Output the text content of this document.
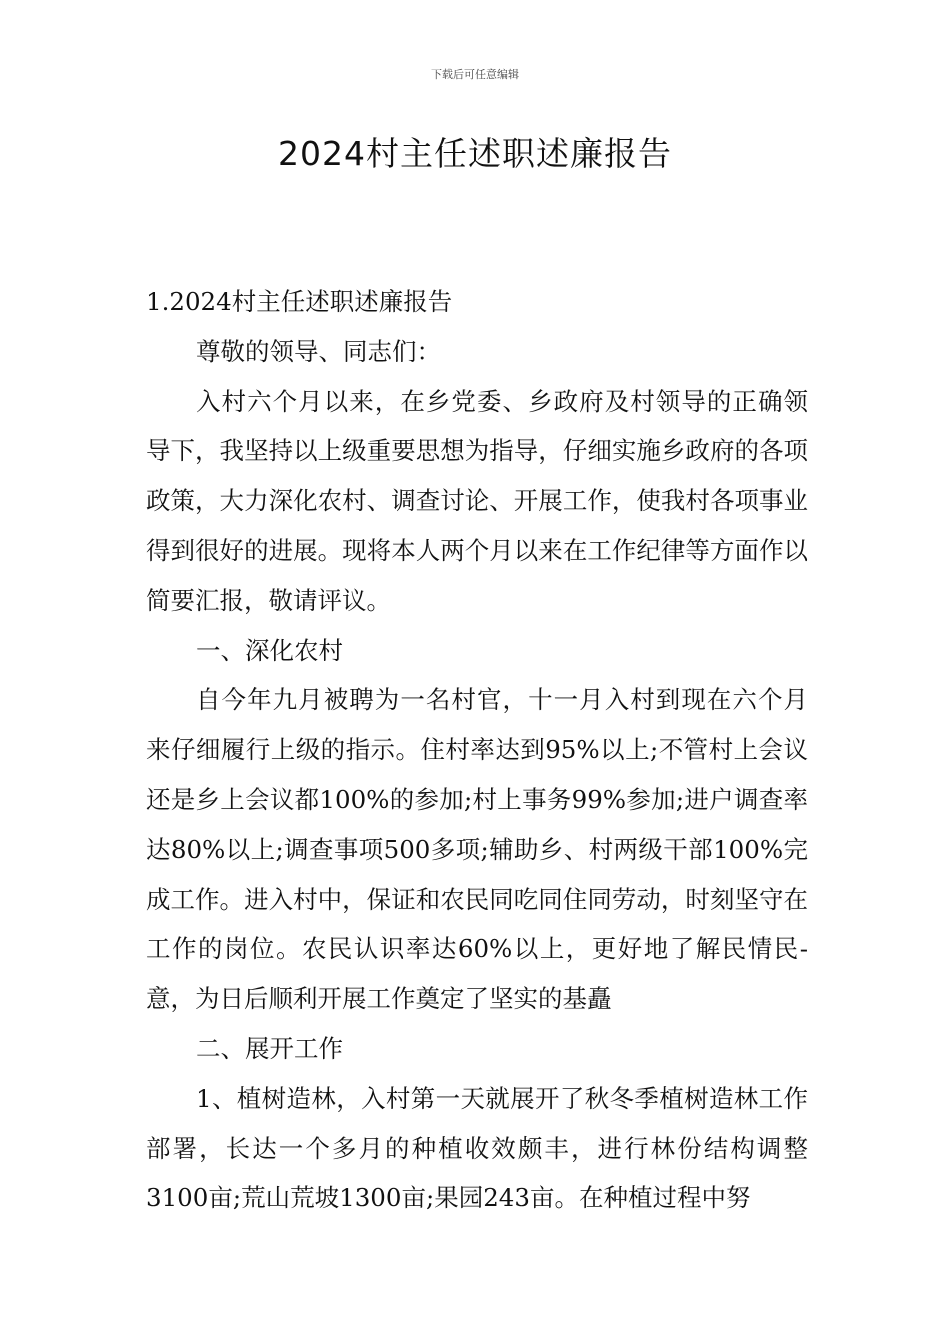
下载后可任意编辑
2024村主任述职述廉报告

1.2024村主任述职述廉报告

尊敬的领导、同志们：

入村六个月以来，在乡党委、乡政府及村领导的正确领导下，我坚持以上级重要思想为指导，仔细实施乡政府的各项政策，大力深化农村、调查讨论、开展工作，使我村各项事业得到很好的进展。现将本人两个月以来在工作纪律等方面作以简要汇报，敬请评议。

一、深化农村

自今年九月被聘为一名村官，十一月入村到现在六个月来仔细履行上级的指示。住村率达到95%以上;不管村上会议还是乡上会议都100%的参加;村上事务99%参加;进户调查率达80%以上;调查事项500多项;辅助乡、村两级干部100%完成工作。进入村中，保证和农民同吃同住同劳动，时刻坚守在工作的岗位。农民认识率达60%以上，更好地了解民情民-意，为日后顺利开展工作奠定了坚实的基矗

二、展开工作

1、植树造林，入村第一天就展开了秋冬季植树造林工作部署，长达一个多月的种植收效颇丰，进行林份结构调整3100亩;荒山荒坡1300亩;果园243亩。在种植过程中努
